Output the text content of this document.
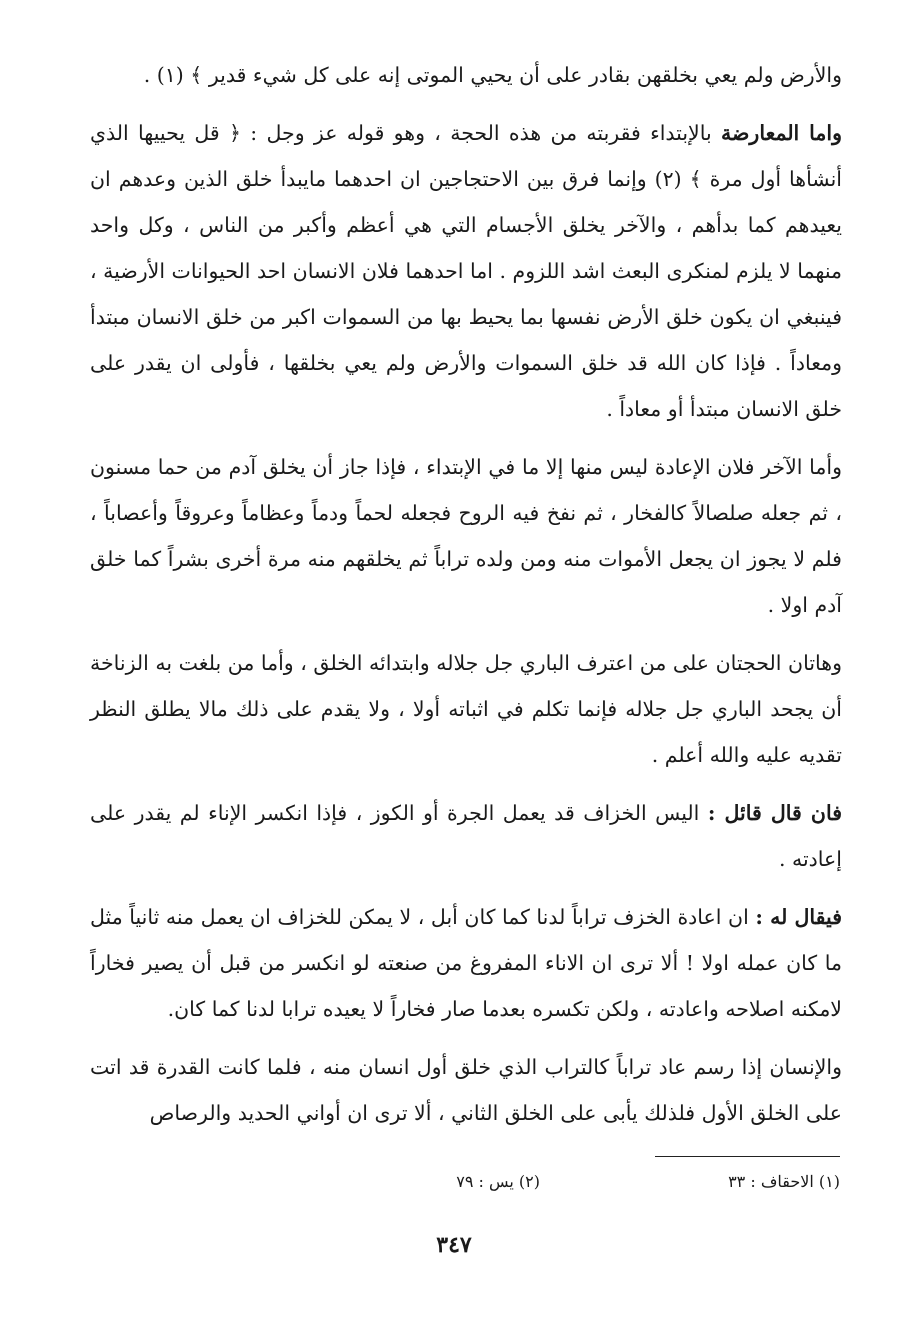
والأرض ولم يعي بخلقهن بقادر على أن يحيي الموتى إنه على كل شيء قدير ﴾ (١) .

واما المعارضة بالإبتداء فقربته من هذه الحجة ، وهو قوله عز وجل : ﴿ قل يحييها الذي أنشأها أول مرة ﴾ (٢) وإنما فرق بين الاحتجاجين ان احدهما مايبدأ خلق الذين وعدهم ان يعيدهم كما بدأهم ، والآخر يخلق الأجسام التي هي أعظم وأكبر من الناس ، وكل واحد منهما لا يلزم لمنكرى البعث اشد اللزوم . اما احدهما فلان الانسان احد الحيوانات الأرضية ، فينبغي ان يكون خلق الأرض نفسها بما يحيط بها من السموات اكبر من خلق الانسان مبتدأ ومعاداً . فإذا كان الله قد خلق السموات والأرض ولم يعي بخلقها ، فأولى ان يقدر على خلق الانسان مبتدأ أو معاداً .

وأما الآخر فلان الإعادة ليس منها إلا ما في الإبتداء ، فإذا جاز أن يخلق آدم من حما مسنون ، ثم جعله صلصالاً كالفخار ، ثم نفخ فيه الروح فجعله لحماً ودماً وعظاماً وعروقاً وأعصاباً ، فلم لا يجوز ان يجعل الأموات منه ومن ولده تراباً ثم يخلقهم منه مرة أخرى بشراً كما خلق آدم اولا .

وهاتان الحجتان على من اعترف الباري جل جلاله وابتدائه الخلق ، وأما من بلغت به الزناخة أن يجحد الباري جل جلاله فإنما تكلم في اثباته أولا ، ولا يقدم على ذلك مالا يطلق النظر تقديه عليه والله أعلم .

فان قال قائل : اليس الخزاف قد يعمل الجرة أو الكوز ، فإذا انكسر الإناء لم يقدر على إعادته .

فيقال له : ان اعادة الخزف تراباً لدنا كما كان أبل ، لا يمكن للخزاف ان يعمل منه ثانياً مثل ما كان عمله اولا ! ألا ترى ان الاناء المفروغ من صنعته لو انكسر من قبل أن يصير فخاراً لامكنه اصلاحه واعادته ، ولكن تكسره بعدما صار فخاراً لا يعيده ترابا لدنا كما كان.

والإنسان إذا رسم عاد تراباً كالتراب الذي خلق أول انسان منه ، فلما كانت القدرة قد اتت على الخلق الأول فلذلك يأبى على الخلق الثاني ، ألا ترى ان أواني الحديد والرصاص

(١) الاحقاف : ٣٣
(٢) يس : ٧٩
٣٤٧
